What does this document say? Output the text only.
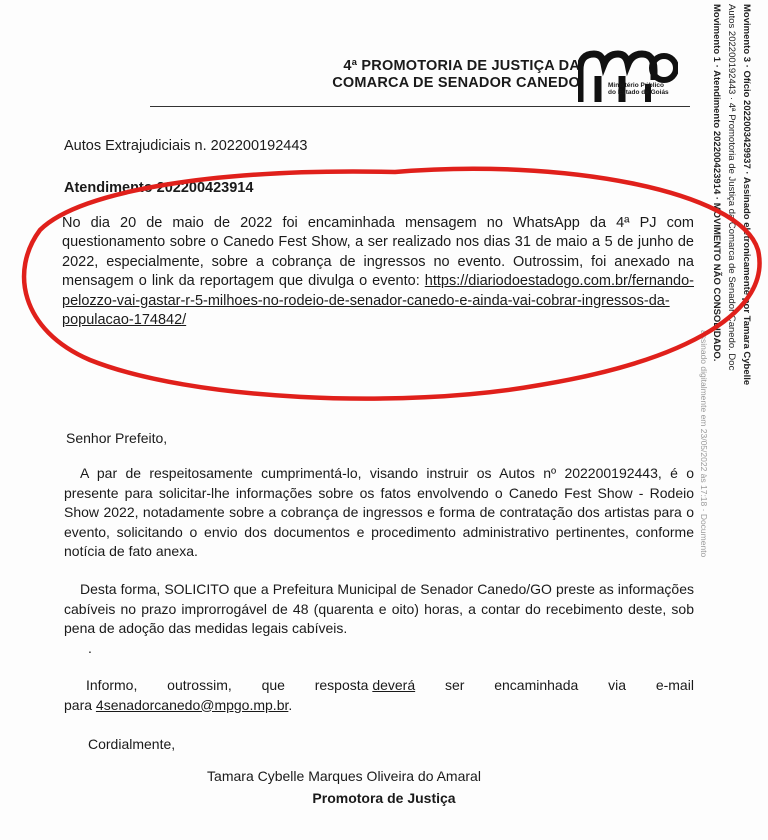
4ª PROMOTORIA DE JUSTIÇA DA
COMARCA DE SENADOR CANEDO	Ministério Público
do Estado de Goiás	Movimento 3 · Ofício 202200342993​7 · Assinado eletronicamente por Tamara Cybelle
Autos 202200192443 · 4ª Promotoria de Justiça da Comarca de Senador Canedo. Doc
Movimento 1 · Atendimento 202200423914 · MOVIMENTO NÃO CONSOLIDADO.
assinado digitalmente em 23/05/2022 às 17:18 · Documento
Autos Extrajudiciais n. 202200192443
Atendimento 202200423914
No dia 20 de maio de 2022 foi encaminhada mensagem no WhatsApp da 4ª PJ com questionamento sobre o Canedo Fest Show, a ser realizado nos dias 31 de maio a 5 de junho de 2022, especialmente, sobre a cobrança de ingressos no evento. Outrossim, foi anexado na mensagem o link da reportagem que divulga o evento: https://diariodoestadogo.com.br/fernando-pelozzo-vai-gastar-r-5-milhoes-no-rodeio-de-senador-canedo-e-ainda-vai-cobrar-ingressos-da-populacao-174842/
Senhor Prefeito,
A par de respeitosamente cumprimentá-lo, visando instruir os Autos nº 202200192443, é o presente para solicitar-lhe informações sobre os fatos envolvendo o Canedo Fest Show - Rodeio Show 2022, notadamente sobre a cobrança de ingressos e forma de contratação dos artistas para o evento, solicitando o envio dos documentos e procedimento administrativo pertinentes, conforme notícia de fato anexa.
Desta forma, SOLICITO que a Prefeitura Municipal de Senador Canedo/GO preste as informações cabíveis no prazo improrrogável de 48 (quarenta e oito) horas, a contar do recebimento deste, sob pena de adoção das medidas legais cabíveis.
.
Informo, outrossim, que resposta deverá ser encaminhada via e-mail
para 4senadorcanedo@mpgo.mp.br.
Cordialmente,
Tamara Cybelle Marques Oliveira do Amaral
Promotora de Justiça
